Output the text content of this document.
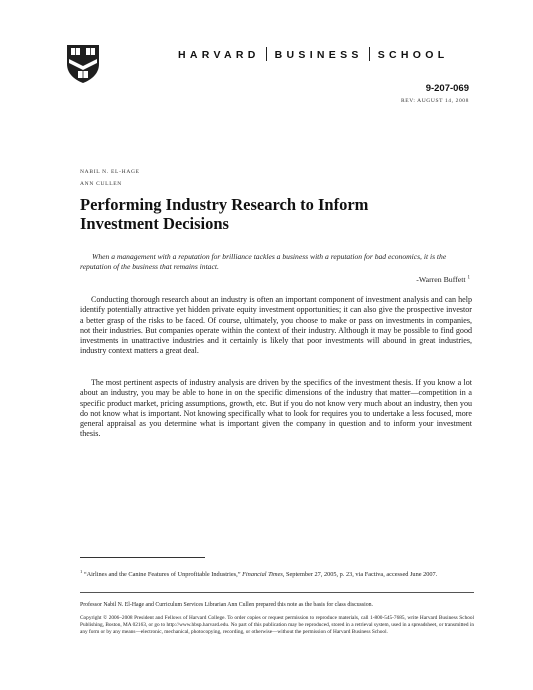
HARVARD BUSINESS SCHOOL
9-207-069
REV: AUGUST 14, 2008
NABIL N. EL-HAGE
ANN CULLEN
Performing Industry Research to Inform
Investment Decisions
When a management with a reputation for brilliance tackles a business with a reputation for bad economics, it is the reputation of the business that remains intact.
-Warren Buffett $^1$

Conducting thorough research about an industry is often an important component of investment analysis and can help identify potentially attractive yet hidden private equity investment opportunities; it can also give the prospective investor a better grasp of the risks to be faced. Of course, ultimately, you choose to make or pass on investments in companies, not their industries. But companies operate within the context of their industry. Although it may be possible to find good investments in unattractive industries and it certainly is likely that poor investments will abound in great industries, industry context matters a great deal.

The most pertinent aspects of industry analysis are driven by the specifics of the investment thesis. If you know a lot about an industry, you may be able to hone in on the specific dimensions of the industry that matter—competition in a specific product market, pricing assumptions, growth, etc. But if you do not know very much about an industry, then you do not know what is important. Not knowing specifically what to look for requires you to undertake a less focused, more general appraisal as you determine what is important given the company in question and to inform your investment thesis.

$^1$ “Airlines and the Canine Features of Unprofitable Industries,” Financial Times, September 27, 2005, p. 23, via Factiva, accessed June 2007.
Professor Nabil N. El-Hage and Curriculum Services Librarian Ann Cullen prepared this note as the basis for class discussion.
Copyright © 2006–2008 President and Fellows of Harvard College. To order copies or request permission to reproduce materials, call 1-800-545-7685, write Harvard Business School Publishing, Boston, MA 02163, or go to http://www.hbsp.harvard.edu. No part of this publication may be reproduced, stored in a retrieval system, used in a spreadsheet, or transmitted in any form or by any means—electronic, mechanical, photocopying, recording, or otherwise—without the permission of Harvard Business School.
